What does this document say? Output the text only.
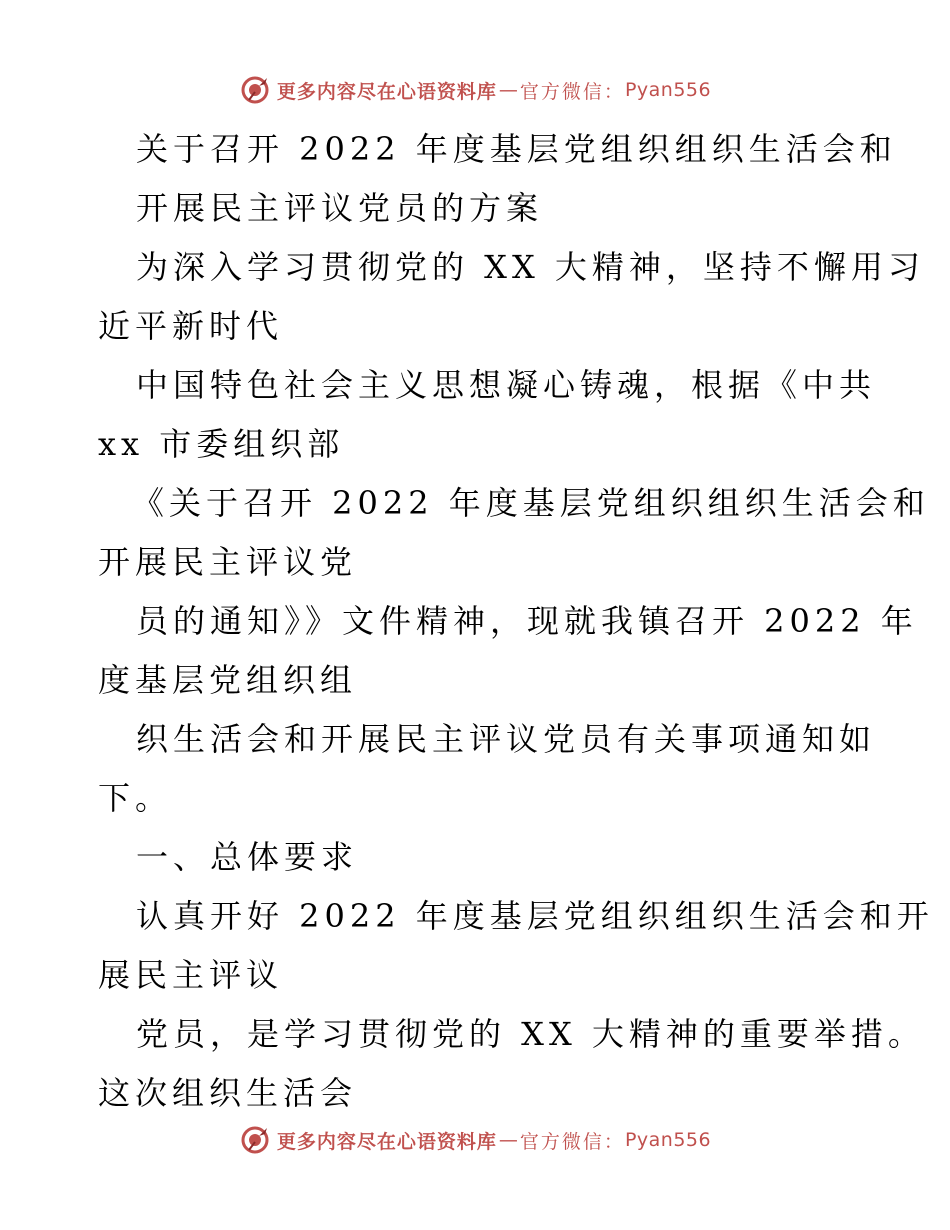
更多内容尽在心语资料库 — 官方微信： Pyan556
关于召开 2022 年度基层党组织组织生活会和
开展民主评议党员的方案
为深入学习贯彻党的 XX 大精神，坚持不懈用习
近平新时代
中国特色社会主义思想凝心铸魂，根据《中共
xx 市委组织部
《关于召开 2022 年度基层党组织组织生活会和
开展民主评议党
员的通知》》文件精神，现就我镇召开 2022 年
度基层党组织组
织生活会和开展民主评议党员有关事项通知如
下。
一、总体要求
认真开好 2022 年度基层党组织组织生活会和开
展民主评议
党员，是学习贯彻党的 XX 大精神的重要举措。
这次组织生活会
更多内容尽在心语资料库 — 官方微信： Pyan556
